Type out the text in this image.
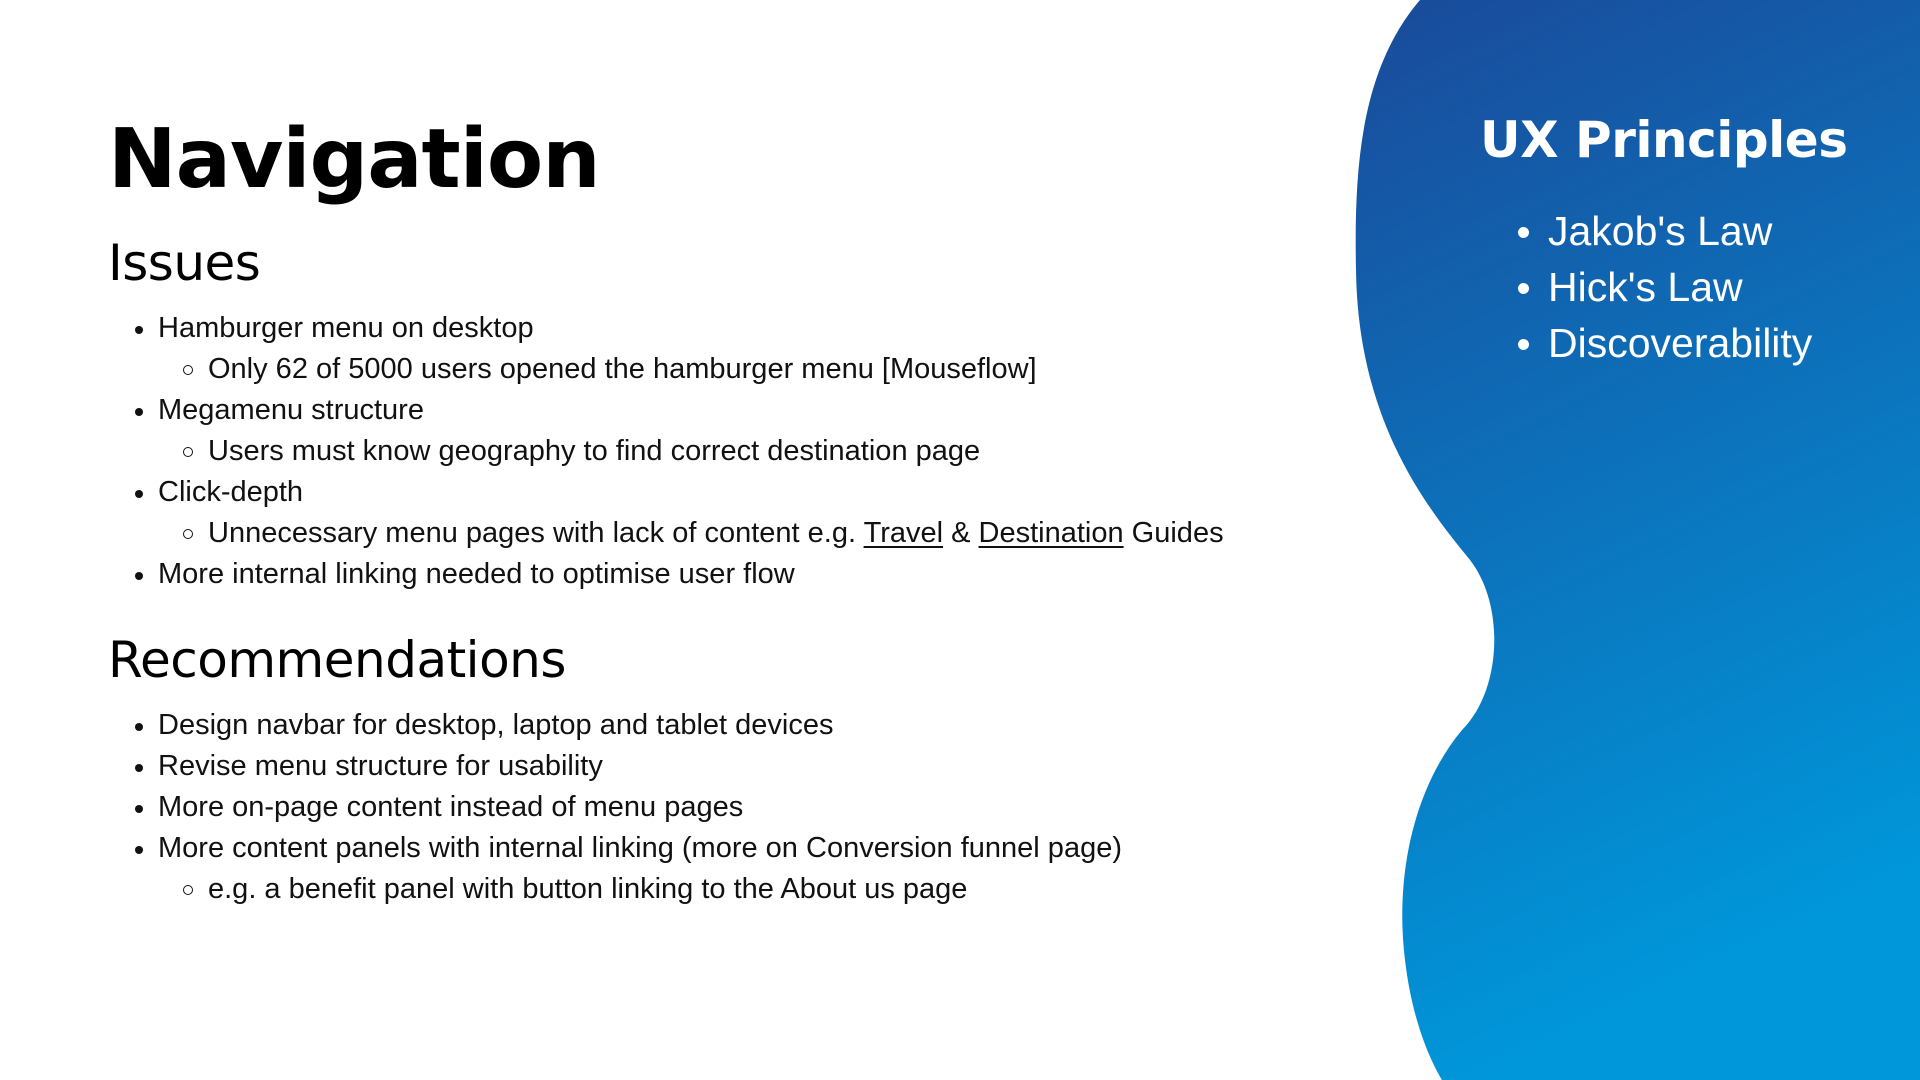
Navigation
Issues
Hamburger menu on desktop
Only 62 of 5000 users opened the hamburger menu [Mouseflow]
Megamenu structure
Users must know geography to find correct destination page
Click-depth
Unnecessary menu pages with lack of content e.g. Travel & Destination Guides
More internal linking needed to optimise user flow
Recommendations
Design navbar for desktop, laptop and tablet devices
Revise menu structure for usability
More on-page content instead of menu pages
More content panels with internal linking (more on Conversion funnel page)
e.g. a benefit panel with button linking to the About us page
UX Principles
Jakob's Law
Hick's Law
Discoverability
